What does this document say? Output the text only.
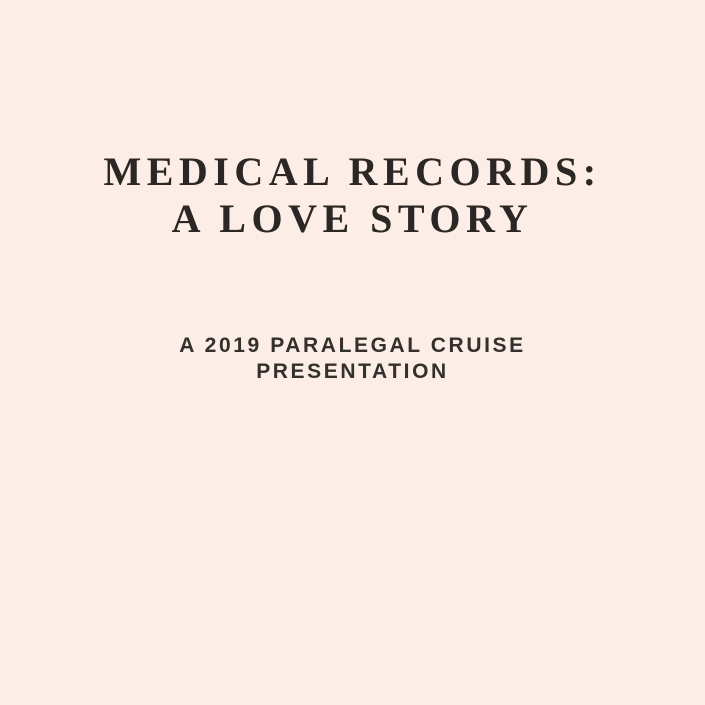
MEDICAL RECORDS:
A LOVE STORY
A 2019 PARALEGAL CRUISE
PRESENTATION
